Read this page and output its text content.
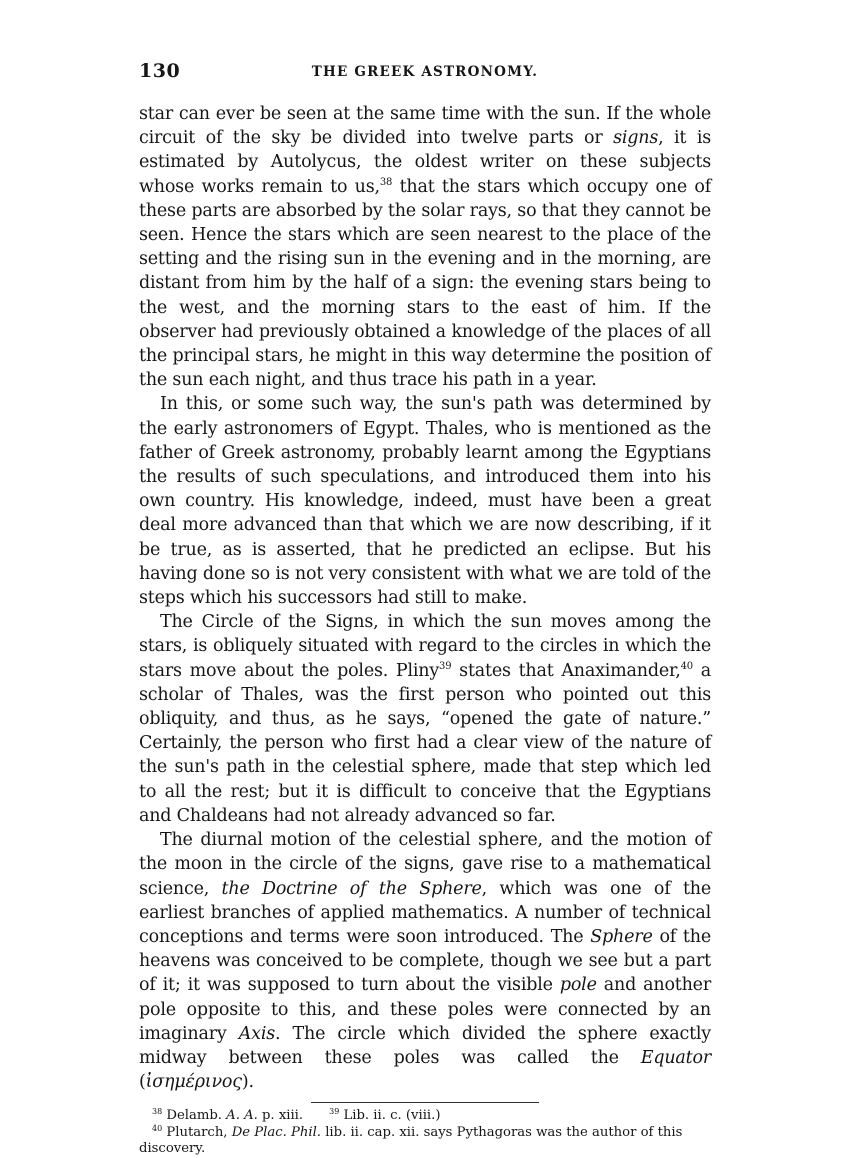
130	THE GREEK ASTRONOMY.

star can ever be seen at the same time with the sun. If the whole circuit of the sky be divided into twelve parts or signs, it is estimated by Autolycus, the oldest writer on these subjects whose works remain to us,$^{38}$ that the stars which occupy one of these parts are absorbed by the solar rays, so that they cannot be seen. Hence the stars which are seen nearest to the place of the setting and the rising sun in the evening and in the morning, are distant from him by the half of a sign: the evening stars being to the west, and the morning stars to the east of him. If the observer had previously obtained a knowledge of the places of all the principal stars, he might in this way determine the position of the sun each night, and thus trace his path in a year.

In this, or some such way, the sun's path was determined by the early astronomers of Egypt. Thales, who is mentioned as the father of Greek astronomy, probably learnt among the Egyptians the results of such speculations, and introduced them into his own country. His knowledge, indeed, must have been a great deal more advanced than that which we are now describing, if it be true, as is asserted, that he predicted an eclipse. But his having done so is not very consistent with what we are told of the steps which his successors had still to make.

The Circle of the Signs, in which the sun moves among the stars, is obliquely situated with regard to the circles in which the stars move about the poles. Pliny$^{39}$ states that Anaximander,$^{40}$ a scholar of Thales, was the first person who pointed out this obliquity, and thus, as he says, “opened the gate of nature.” Certainly, the person who first had a clear view of the nature of the sun's path in the celestial sphere, made that step which led to all the rest; but it is difficult to conceive that the Egyptians and Chaldeans had not already advanced so far.

The diurnal motion of the celestial sphere, and the motion of the moon in the circle of the signs, gave rise to a mathematical science, the Doctrine of the Sphere, which was one of the earliest branches of applied mathematics. A number of technical conceptions and terms were soon introduced. The Sphere of the heavens was conceived to be complete, though we see but a part of it; it was supposed to turn about the visible pole and another pole opposite to this, and these poles were connected by an imaginary Axis. The circle which divided the sphere exactly midway between these poles was called the Equator (ἰσημέρινος).

$^{38}$ Delamb. A. A. p. xiii.	$^{39}$ Lib. ii. c. (viii.)

$^{40}$ Plutarch, De Plac. Phil. lib. ii. cap. xii. says Pythagoras was the author of this discovery.
